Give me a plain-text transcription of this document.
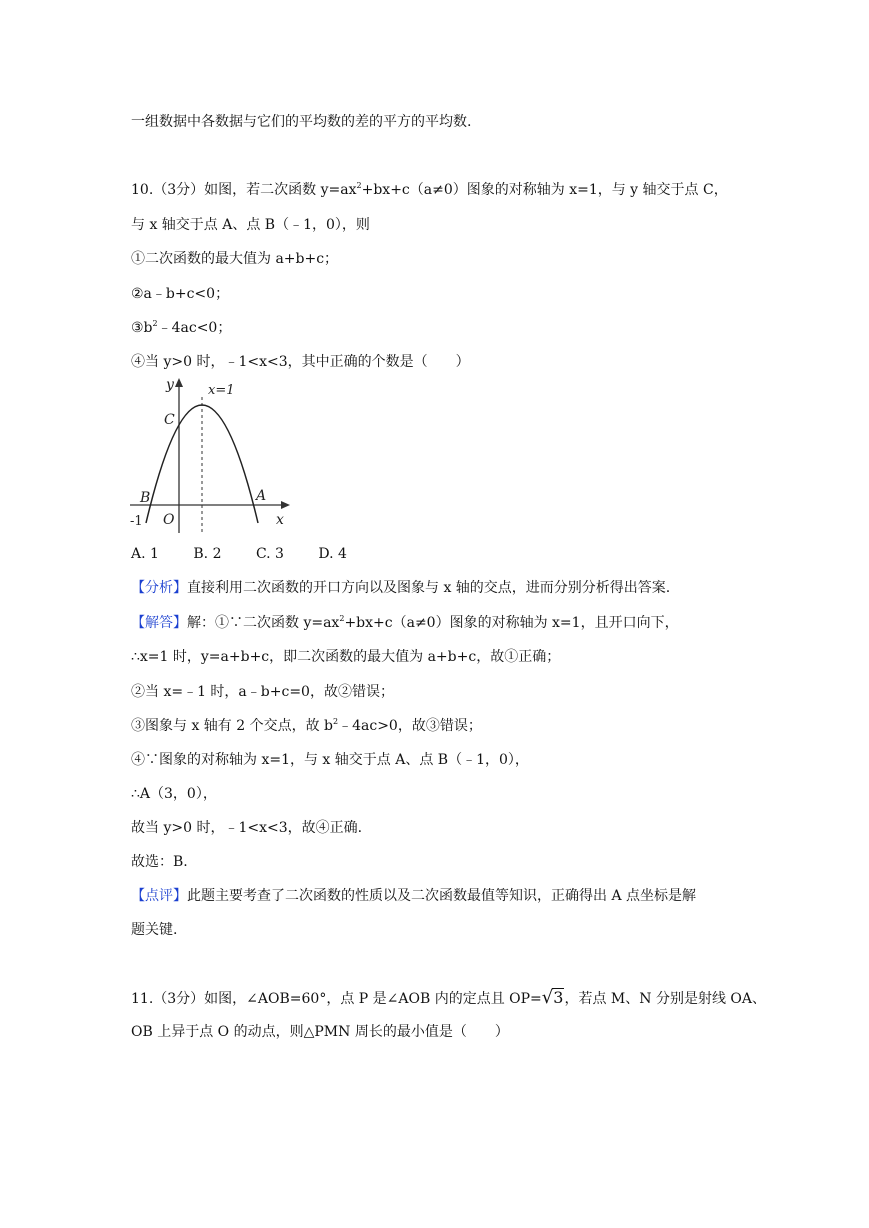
一组数据中各数据与它们的平均数的差的平方的平均数.
10.（3分）如图，若二次函数 $y=ax^2+bx+c(a\ne 0)$图象的对称轴为 x=1，与 y 轴交于点 C，
与 x 轴交于点 A、点 B（﹣1，0），则
①二次函数的最大值为 a+b+c；
②a﹣b+c<0；
$③b^2﹣4ac<0$；
④当 y>0 时，﹣1<x<3，其中正确的个数是（　　）
y	x=1
C
B	A
O
-1	x
A. 1 B. 2 C. 3 D. 4
【分析】直接利用二次函数的开口方向以及图象与 x 轴的交点，进而分别分析得出答案.
【解答】解：①∵二次函数 $y=ax^2+bx+c(a\ne 0)$图象的对称轴为 x=1，且开口向下，
∴x=1 时，y=a+b+c，即二次函数的最大值为 a+b+c，故①正确；
②当 x=﹣1 时，a﹣b+c=0，故②错误；
③图象与 x 轴有 2 个交点，故 $b^2﹣4ac>0$，故③错误；
④∵图象的对称轴为 x=1，与 x 轴交于点 A、点 B（﹣1，0），
∴A（3，0），
故当 y>0 时，﹣1<x<3，故④正确.
故选：B.
【点评】此题主要考查了二次函数的性质以及二次函数最值等知识，正确得出 A 点坐标是解
题关键.
11.（3分）如图，∠AOB=60°，点 P 是∠AOB 内的定点且 OP=√3，若点 M、N 分别是射线 OA、
OB 上异于点 O 的动点，则△PMN 周长的最小值是（　　）
